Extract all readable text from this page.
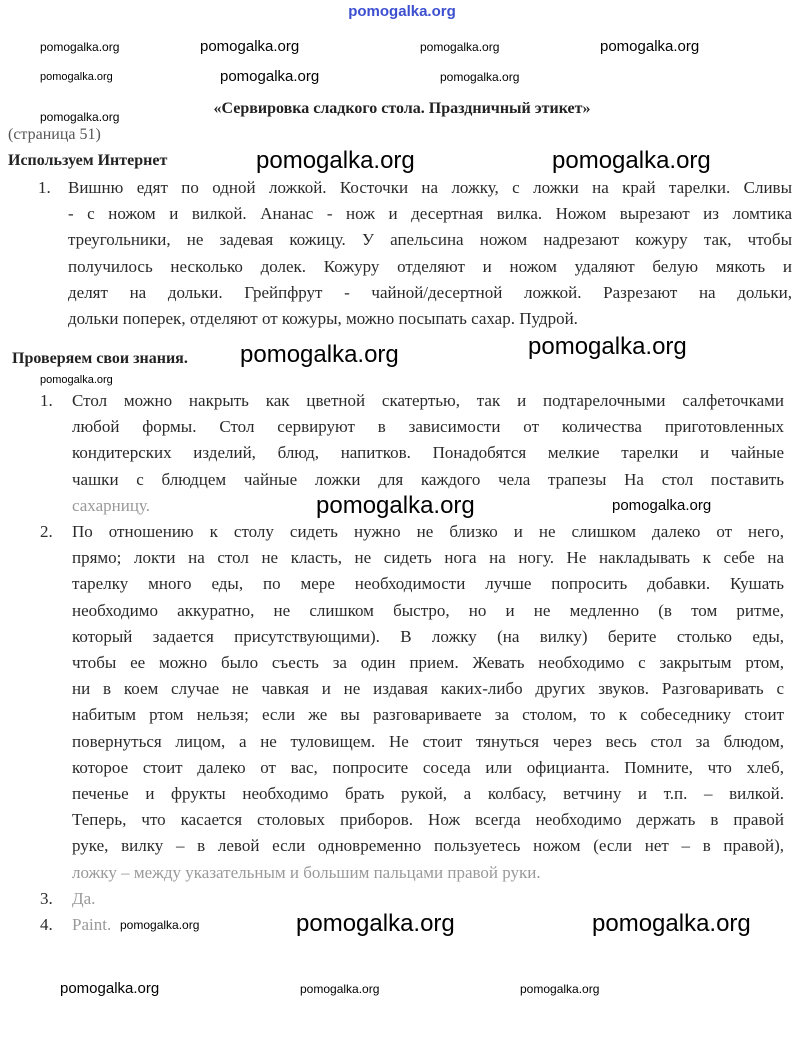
pomogalka.org
«Сервировка сладкого стола. Праздничный этикет»
(страница 51)
Используем Интернет
1. Вишню едят по одной ложкой. Косточки на ложку, с ложки на край тарелки. Сливы
- с ножом и вилкой. Ананас - нож и десертная вилка. Ножом вырезают из ломтика
треугольники, не задевая кожицу. У апельсина ножом надрезают кожуру так, чтобы
получилось несколько долек. Кожуру отделяют и ножом удаляют белую мякоть и
делят на дольки. Грейпфрут - чайной/десертной ложкой. Разрезают на дольки,
дольки поперек, отделяют от кожуры, можно посыпать сахар. Пудрой.
Проверяем свои знания.
1. Стол можно накрыть как цветной скатертью, так и подтарелочными салфеточками
любой формы. Стол сервируют в зависимости от количества приготовленных
кондитерских изделий, блюд, напитков. Понадобятся мелкие тарелки и чайные
чашки с блюдцем чайные ложки для каждого чела трапезы На стол поставить
сахарницу.
2. По отношению к столу сидеть нужно не близко и не слишком далеко от него,
прямо; локти на стол не класть, не сидеть нога на ногу. Не накладывать к себе на
тарелку много еды, по мере необходимости лучше попросить добавки. Кушать
необходимо аккуратно, не слишком быстро, но и не медленно (в том ритме,
который задается присутствующими). В ложку (на вилку) берите столько еды,
чтобы ее можно было съесть за один прием. Жевать необходимо с закрытым ртом,
ни в коем случае не чавкая и не издавая каких-либо других звуков. Разговаривать с
набитым ртом нельзя; если же вы разговариваете за столом, то к собеседнику стоит
повернуться лицом, а не туловищем. Не стоит тянуться через весь стол за блюдом,
которое стоит далеко от вас, попросите соседа или официанта. Помните, что хлеб,
печенье и фрукты необходимо брать рукой, а колбасу, ветчину и т.п. – вилкой.
Теперь, что касается столовых приборов. Нож всегда необходимо держать в правой
руке, вилку – в левой если одновременно пользуетесь ножом (если нет – в правой),
ложку – между указательным и большим пальцами правой руки.
3. Да.
4. Paint.
pomogalka.org
pomogalka.org	pomogalka.org
pomogalka.org
pomogalka.org
pomogalka.org
pomogalka.org	pomogalka.org
pomogalka.org	pomogalka.org
pomogalka.org
pomogalka.org	pomogalka.org	pomogalka.org	pomogalka.org
pomogalka.org	pomogalka.org	pomogalka.org
pomogalka.org	pomogalka.org	pomogalka.org
